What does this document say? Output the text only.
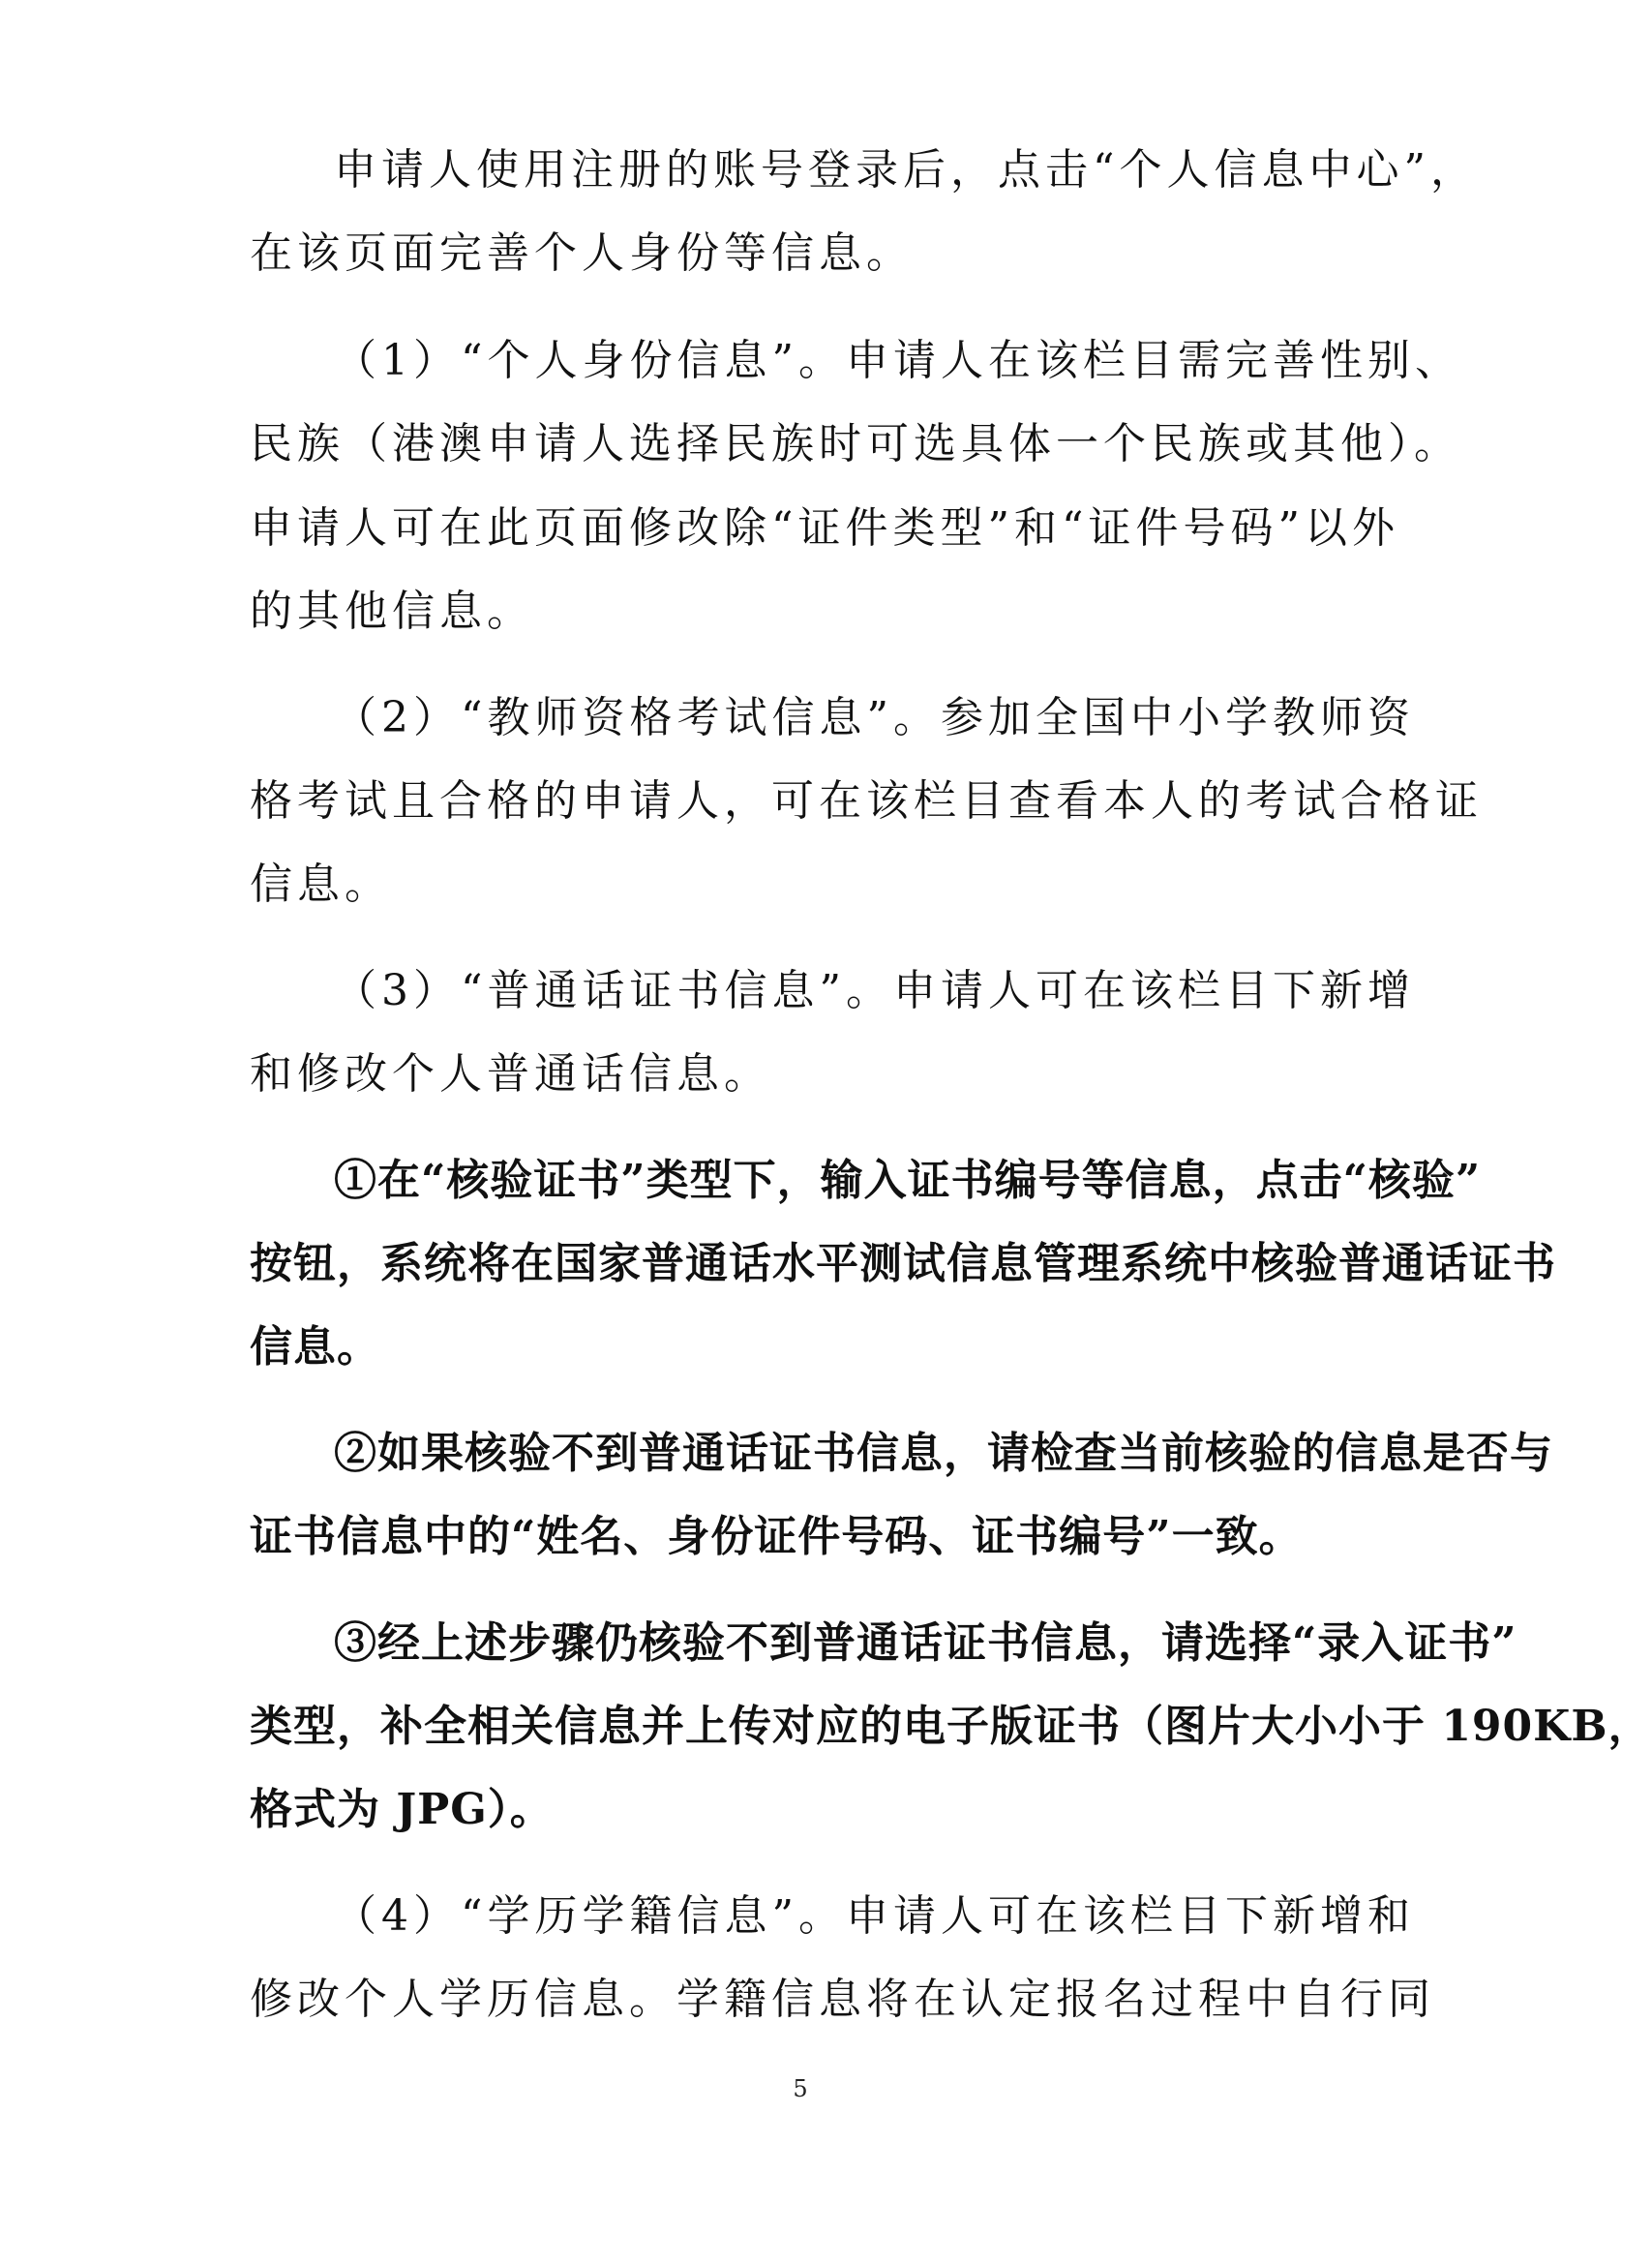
申请人使用注册的账号登录后，点击“个人信息中心”，
在该页面完善个人身份等信息。
（1）“个人身份信息”。申请人在该栏目需完善性别、
民族（港澳申请人选择民族时可选具体一个民族或其他）。
申请人可在此页面修改除“证件类型”和“证件号码”以外
的其他信息。
（2）“教师资格考试信息”。参加全国中小学教师资
格考试且合格的申请人，可在该栏目查看本人的考试合格证
信息。
（3）“普通话证书信息”。申请人可在该栏目下新增
和修改个人普通话信息。
①在“核验证书”类型下，输入证书编号等信息，点击“核验”
按钮，系统将在国家普通话水平测试信息管理系统中核验普通话证书
信息。
②如果核验不到普通话证书信息，请检查当前核验的信息是否与
证书信息中的“姓名、身份证件号码、证书编号”一致。
③经上述步骤仍核验不到普通话证书信息，请选择“录入证书”
类型，补全相关信息并上传对应的电子版证书（图片大小小于 190KB，
格式为 JPG）。
（4）“学历学籍信息”。申请人可在该栏目下新增和
修改个人学历信息。学籍信息将在认定报名过程中自行同
5
